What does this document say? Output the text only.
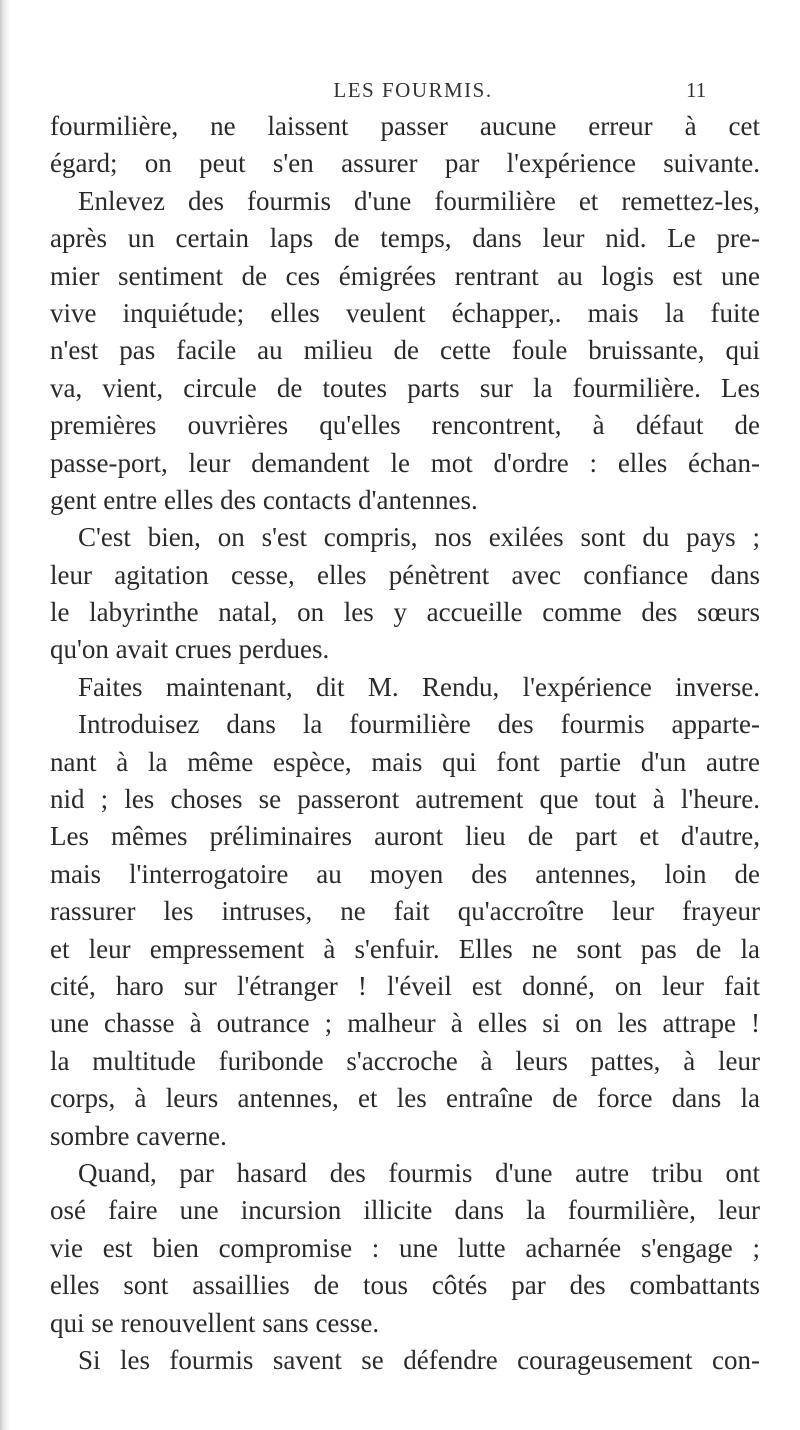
LES FOURMIS.	11
fourmilière, ne laissent passer aucune erreur à cet
égard; on peut s'en assurer par l'expérience suivante.
Enlevez des fourmis d'une fourmilière et remettez-les,
après un certain laps de temps, dans leur nid. Le pre-
mier sentiment de ces émigrées rentrant au logis est une
vive inquiétude; elles veulent échapper,. mais la fuite
n'est pas facile au milieu de cette foule bruissante, qui
va, vient, circule de toutes parts sur la fourmilière. Les
premières ouvrières qu'elles rencontrent, à défaut de
passe-port, leur demandent le mot d'ordre : elles échan-
gent entre elles des contacts d'antennes.
C'est bien, on s'est compris, nos exilées sont du pays ;
leur agitation cesse, elles pénètrent avec confiance dans
le labyrinthe natal, on les y accueille comme des sœurs
qu'on avait crues perdues.
Faites maintenant, dit M. Rendu, l'expérience inverse.
Introduisez dans la fourmilière des fourmis apparte-
nant à la même espèce, mais qui font partie d'un autre
nid ; les choses se passeront autrement que tout à l'heure.
Les mêmes préliminaires auront lieu de part et d'autre,
mais l'interrogatoire au moyen des antennes, loin de
rassurer les intruses, ne fait qu'accroître leur frayeur
et leur empressement à s'enfuir. Elles ne sont pas de la
cité, haro sur l'étranger ! l'éveil est donné, on leur fait
une chasse à outrance ; malheur à elles si on les attrape !
la multitude furibonde s'accroche à leurs pattes, à leur
corps, à leurs antennes, et les entraîne de force dans la
sombre caverne.
Quand, par hasard des fourmis d'une autre tribu ont
osé faire une incursion illicite dans la fourmilière, leur
vie est bien compromise : une lutte acharnée s'engage ;
elles sont assaillies de tous côtés par des combattants
qui se renouvellent sans cesse.
Si les fourmis savent se défendre courageusement con-
